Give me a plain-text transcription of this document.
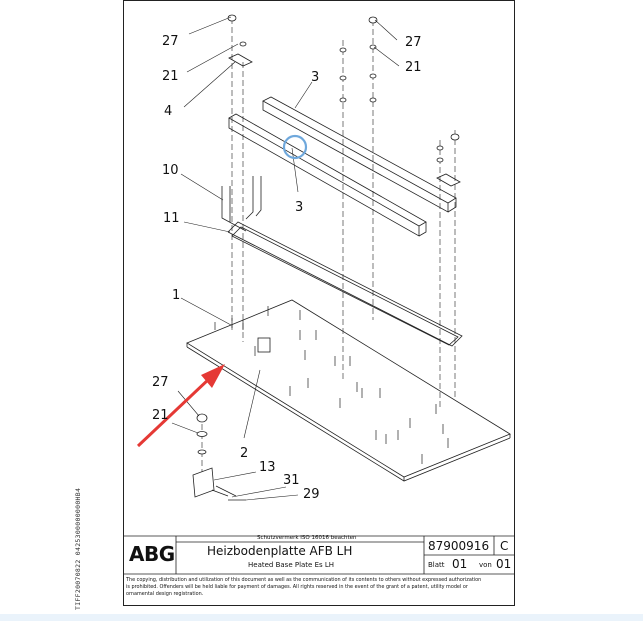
27
21
4
3
27
21
10
3
11
1
27
21
2
13
31
29
TIFF20070822 0425300000000HB4 ABG
Schutzvermerk ISO 16016 beachten
Heizbodenplatte AFB LH
Heated Base Plate Es LH
87900916 C
Blatt 01 von 01
The copying, distribution and utilization of this document as well as the communication of its contents to others without expressed authorization
is prohibited. Offenders will be held liable for payment of damages. All rights reserved in the event of the grant of a patent, utility model or
ornamental design registration.
